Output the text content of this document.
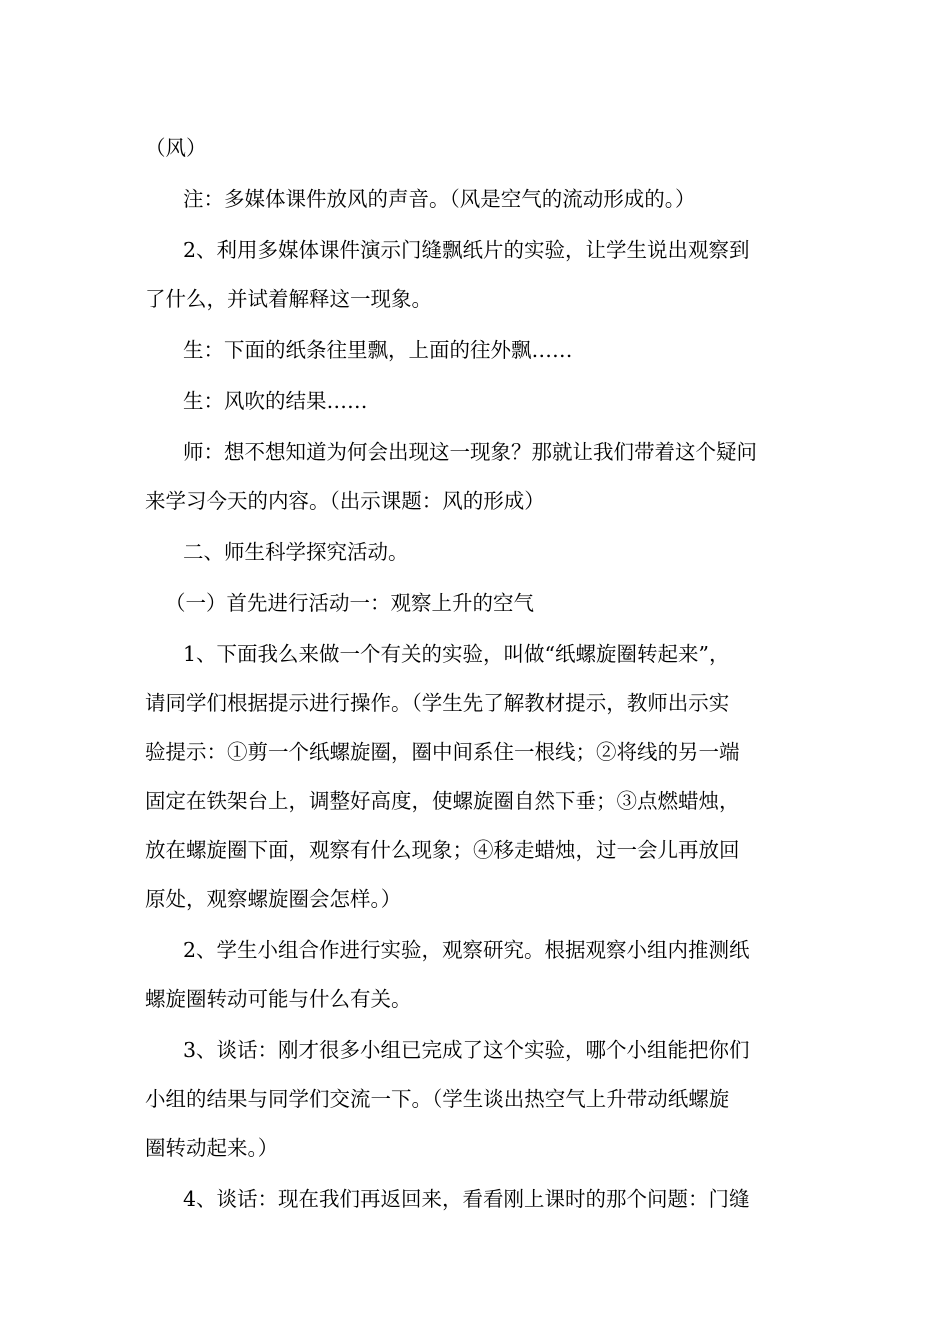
（风）
注：多媒体课件放风的声音。（风是空气的流动形成的。）
2、利用多媒体课件演示门缝飘纸片的实验，让学生说出观察到
了什么，并试着解释这一现象。
生：下面的纸条往里飘，上面的往外飘……
生：风吹的结果……
师：想不想知道为何会出现这一现象？那就让我们带着这个疑问
来学习今天的内容。（出示课题：风的形成）
二、师生科学探究活动。
（一）首先进行活动一：观察上升的空气
1、下面我么来做一个有关的实验，叫做“纸螺旋圈转起来”，
请同学们根据提示进行操作。（学生先了解教材提示，教师出示实
验提示：①剪一个纸螺旋圈，圈中间系住一根线；②将线的另一端
固定在铁架台上，调整好高度，使螺旋圈自然下垂；③点燃蜡烛，
放在螺旋圈下面，观察有什么现象；④移走蜡烛，过一会儿再放回
原处，观察螺旋圈会怎样。）
2、学生小组合作进行实验，观察研究。根据观察小组内推测纸
螺旋圈转动可能与什么有关。
3、谈话：刚才很多小组已完成了这个实验，哪个小组能把你们
小组的结果与同学们交流一下。（学生谈出热空气上升带动纸螺旋
圈转动起来。）
4、谈话：现在我们再返回来，看看刚上课时的那个问题：门缝
